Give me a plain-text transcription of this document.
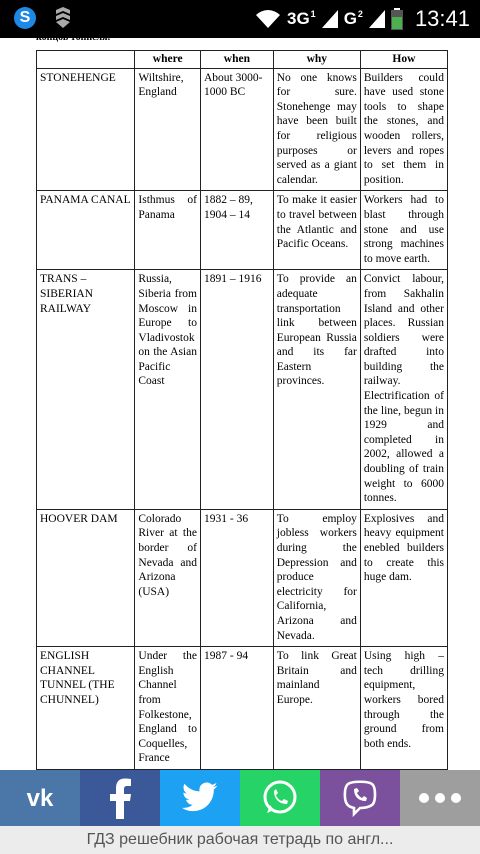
S	$3G^1$ $G^2$ 13:41
концов тоннеля.
	where	when	why	How
STONEHENGE	Wiltshire, England	About 3000-1000 BC	No one knows for sure. Stonehenge may have been built for religious purposes or served as a giant calendar.	Builders could have used stone tools to shape the stones, and wooden rollers, levers and ropes to set them in position.
PANAMA CANAL	Isthmus of Panama	1882 – 89, 1904 – 14	To make it easier to travel between the Atlantic and Pacific Oceans.	Workers had to blast through stone and use strong machines to move earth.
TRANS – SIBERIAN RAILWAY	Russia, Siberia from Moscow in Europe to Vladivostok on the Asian Pacific Coast	1891 – 1916	To provide an adequate transportation link between European Russia and its far Eastern provinces.	Convict labour, from Sakhalin Island and other places. Russian soldiers were drafted into building the railway. Electrification of the line, begun in 1929 and completed in 2002, allowed a doubling of train weight to 6000 tonnes.
HOOVER DAM	Colorado River at the border of Nevada and Arizona (USA)	1931 - 36	To employ jobless workers during the Depression and produce electricity for California, Arizona and Nevada.	Explosives and heavy equipment enebled builders to create this huge dam.
ENGLISH CHANNEL TUNNEL (THE CHUNNEL)	Under the English Channel from Folkestone, England to Coquelles, France	1987 - 94	To link Great Britain and mainland Europe.	Using high – tech drilling equipment, workers bored through the ground from both ends.
vk
ГДЗ решебник рабочая тетрадь по англ...
